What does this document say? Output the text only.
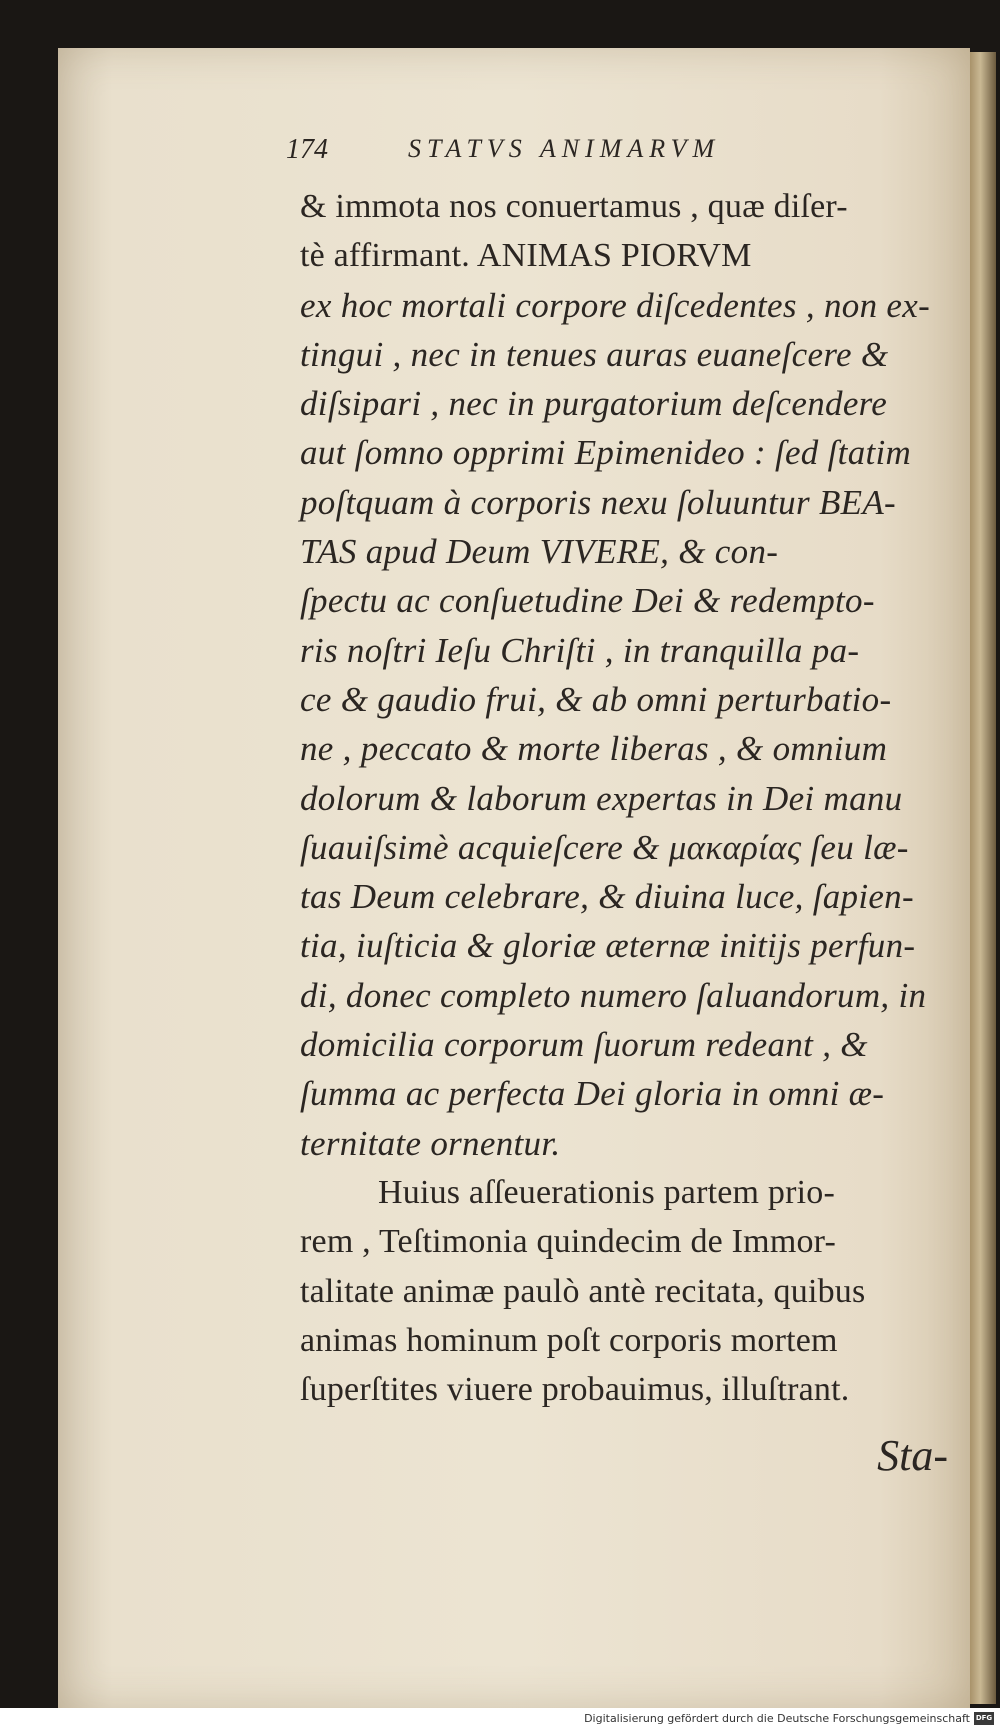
174	STATVS ANIMARVM
& immota nos conuertamus , quæ diſer-
tè affirmant. ANIMAS PIORVM
ex hoc mortali corpore diſcedentes , non ex-
tingui , nec in tenues auras euaneſcere &
diſsipari , nec in purgatorium deſcendere
aut ſomno opprimi Epimenideo : ſed ſtatim
poſtquam à corporis nexu ſoluuntur BEA-
TAS apud Deum VIVERE, & con-
ſpectu ac conſuetudine Dei & redempto-
ris noſtri Ieſu Chriſti , in tranquilla pa-
ce & gaudio frui, & ab omni perturbatio-
ne , peccato & morte liberas , & omnium
dolorum & laborum expertas in Dei manu
ſuauiſsimè acquieſcere & μακαρίας ſeu læ-
tas Deum celebrare, & diuina luce, ſapien-
tia, iuſticia & gloriæ æternæ initijs perfun-
di, donec completo numero ſaluandorum, in
domicilia corporum ſuorum redeant , &
ſumma ac perfecta Dei gloria in omni æ-
ternitate ornentur.
Huius aſſeuerationis partem prio-
rem , Teſtimonia quindecim de Immor-
talitate animæ paulò antè recitata, quibus
animas hominum poſt corporis mortem
ſuperſtites viuere probauimus, illuſtrant.
Sta-
Digitalisierung gefördert durch die Deutsche Forschungsgemeinschaft DFG
